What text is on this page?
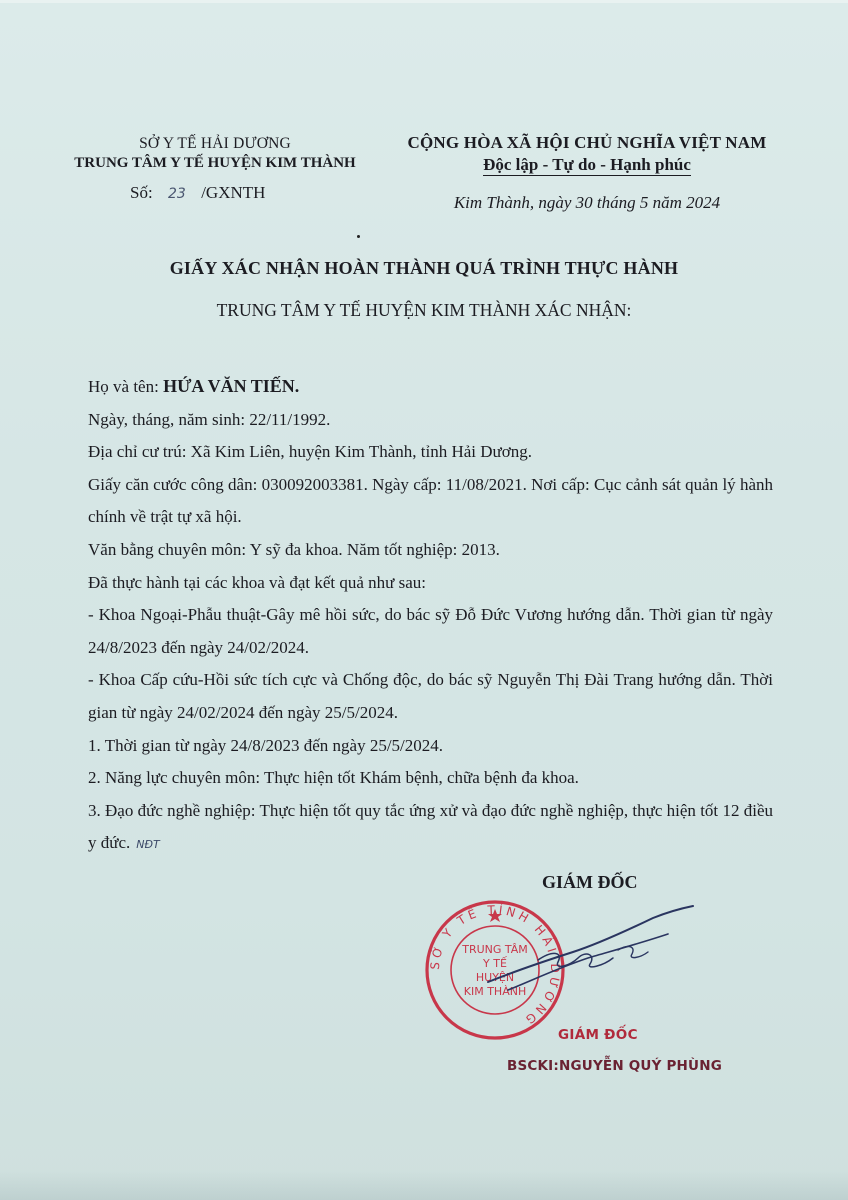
SỞ Y TẾ HẢI DƯƠNG
TRUNG TÂM Y TẾ HUYỆN KIM THÀNH
Số: 23 /GXNTH
CỘNG HÒA XÃ HỘI CHỦ NGHĨA VIỆT NAM
Độc lập - Tự do - Hạnh phúc
Kim Thành, ngày 30 tháng 5 năm 2024
GIẤY XÁC NHẬN HOÀN THÀNH QUÁ TRÌNH THỰC HÀNH
TRUNG TÂM Y TẾ HUYỆN KIM THÀNH XÁC NHẬN:

Họ và tên: HỨA VĂN TIẾN.

Ngày, tháng, năm sinh: 22/11/1992.

Địa chỉ cư trú: Xã Kim Liên, huyện Kim Thành, tỉnh Hải Dương.

Giấy căn cước công dân: 030092003381. Ngày cấp: 11/08/2021. Nơi cấp: Cục cảnh sát quản lý hành chính về trật tự xã hội.

Văn bằng chuyên môn: Y sỹ đa khoa. Năm tốt nghiệp: 2013.

Đã thực hành tại các khoa và đạt kết quả như sau:

- Khoa Ngoại-Phẫu thuật-Gây mê hồi sức, do bác sỹ Đỗ Đức Vương hướng dẫn. Thời gian từ ngày 24/8/2023 đến ngày 24/02/2024.

- Khoa Cấp cứu-Hồi sức tích cực và Chống độc, do bác sỹ Nguyễn Thị Đài Trang hướng dẫn. Thời gian từ ngày 24/02/2024 đến ngày 25/5/2024.

1. Thời gian từ ngày 24/8/2023 đến ngày 25/5/2024.

2. Năng lực chuyên môn: Thực hiện tốt Khám bệnh, chữa bệnh đa khoa.

3. Đạo đức nghề nghiệp: Thực hiện tốt quy tắc ứng xử và đạo đức nghề nghiệp, thực hiện tốt 12 điều y đức. NĐT

GIÁM ĐỐC
SỞ Y TẾ TỈNH HẢI DƯƠNG
TRUNG TÂM
Y TẾ
HUYỆN
KIM THÀNH
GIÁM ĐỐC
BSCKI:NGUYỄN QUÝ PHÙNG
